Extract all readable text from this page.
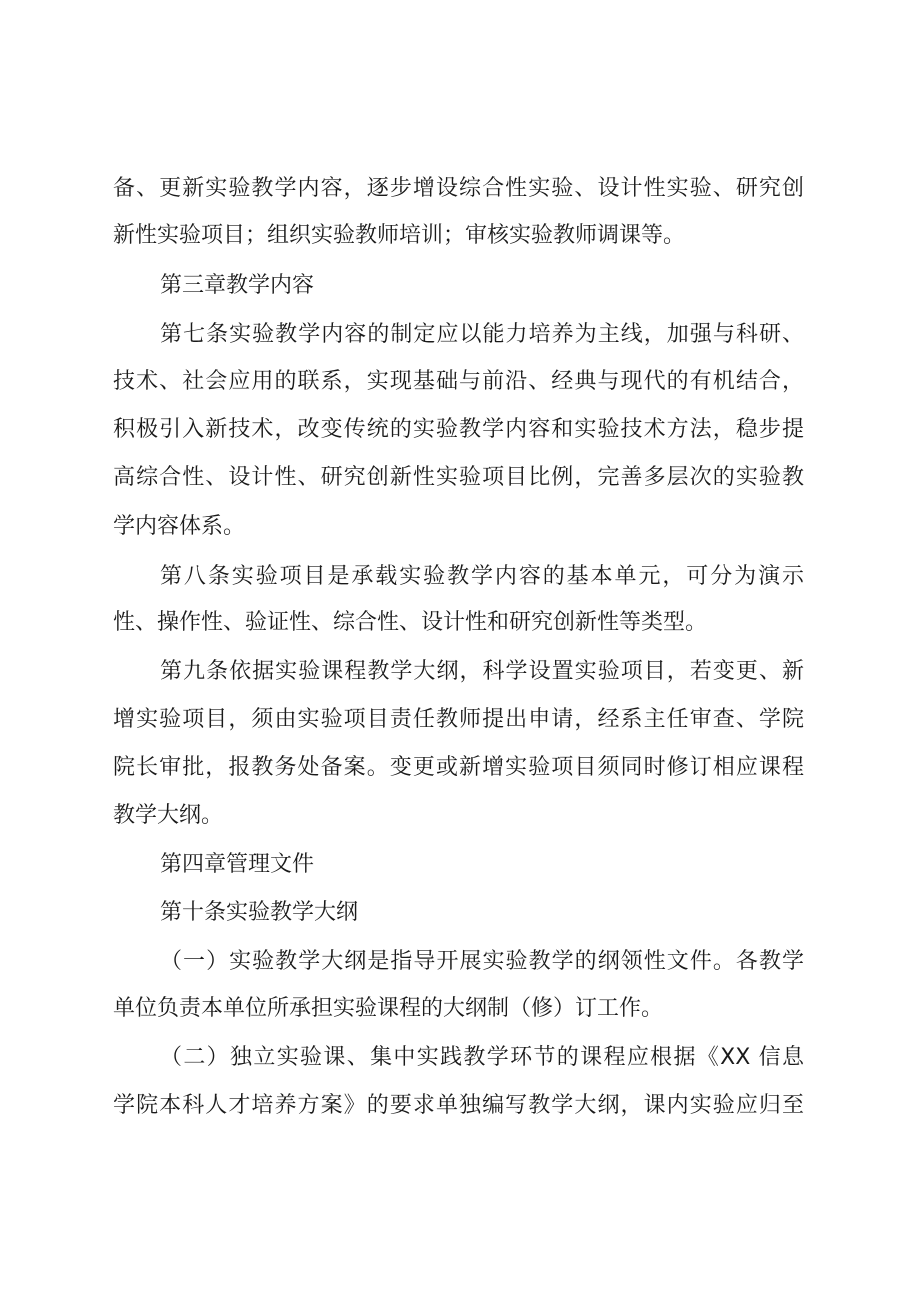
备、更新实验教学内容，逐步增设综合性实验、设计性实验、研究创
新性实验项目；组织实验教师培训；审核实验教师调课等。
第三章教学内容
第七条实验教学内容的制定应以能力培养为主线，加强与科研、
技术、社会应用的联系，实现基础与前沿、经典与现代的有机结合，
积极引入新技术，改变传统的实验教学内容和实验技术方法，稳步提
高综合性、设计性、研究创新性实验项目比例，完善多层次的实验教
学内容体系。
第八条实验项目是承载实验教学内容的基本单元，可分为演示
性、操作性、验证性、综合性、设计性和研究创新性等类型。
第九条依据实验课程教学大纲，科学设置实验项目，若变更、新
增实验项目，须由实验项目责任教师提出申请，经系主任审查、学院
院长审批，报教务处备案。变更或新增实验项目须同时修订相应课程
教学大纲。
第四章管理文件
第十条实验教学大纲
（一）实验教学大纲是指导开展实验教学的纲领性文件。各教学
单位负责本单位所承担实验课程的大纲制（修）订工作。
（二）独立实验课、集中实践教学环节的课程应根据《XX 信息
学院本科人才培养方案》的要求单独编写教学大纲，课内实验应归至
